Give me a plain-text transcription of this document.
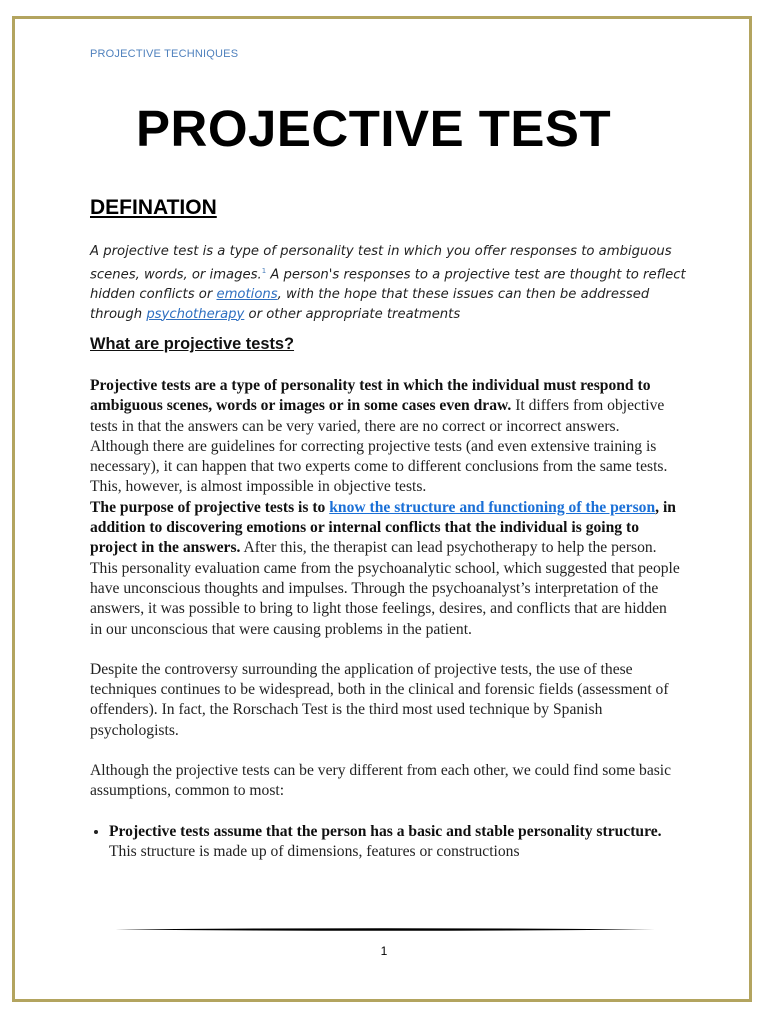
PROJECTIVE TECHNIQUES
PROJECTIVE TEST
DEFINATION
A projective test is a type of personality test in which you offer responses to ambiguous scenes, words, or images.$^1$ A person's responses to a projective test are thought to reflect hidden conflicts or emotions, with the hope that these issues can then be addressed through psychotherapy or other appropriate treatments
What are projective tests?

Projective tests are a type of personality test in which the individual must respond to ambiguous scenes, words or images or in some cases even draw. It differs from objective tests in that the answers can be very varied, there are no correct or incorrect answers. Although there are guidelines for correcting projective tests (and even extensive training is necessary), it can happen that two experts come to different conclusions from the same tests. This, however, is almost impossible in objective tests.

The purpose of projective tests is to know the structure and functioning of the person, in addition to discovering emotions or internal conflicts that the individual is going to project in the answers. After this, the therapist can lead psychotherapy to help the person.

This personality evaluation came from the psychoanalytic school, which suggested that people have unconscious thoughts and impulses. Through the psychoanalyst’s interpretation of the answers, it was possible to bring to light those feelings, desires, and conflicts that are hidden in our unconscious that were causing problems in the patient.

Despite the controversy surrounding the application of projective tests, the use of these techniques continues to be widespread, both in the clinical and forensic fields (assessment of offenders). In fact, the Rorschach Test is the third most used technique by Spanish psychologists.

Although the projective tests can be very different from each other, we could find some basic assumptions, common to most:

• Projective tests assume that the person has a basic and stable personality structure. This structure is made up of dimensions, features or constructions
1
